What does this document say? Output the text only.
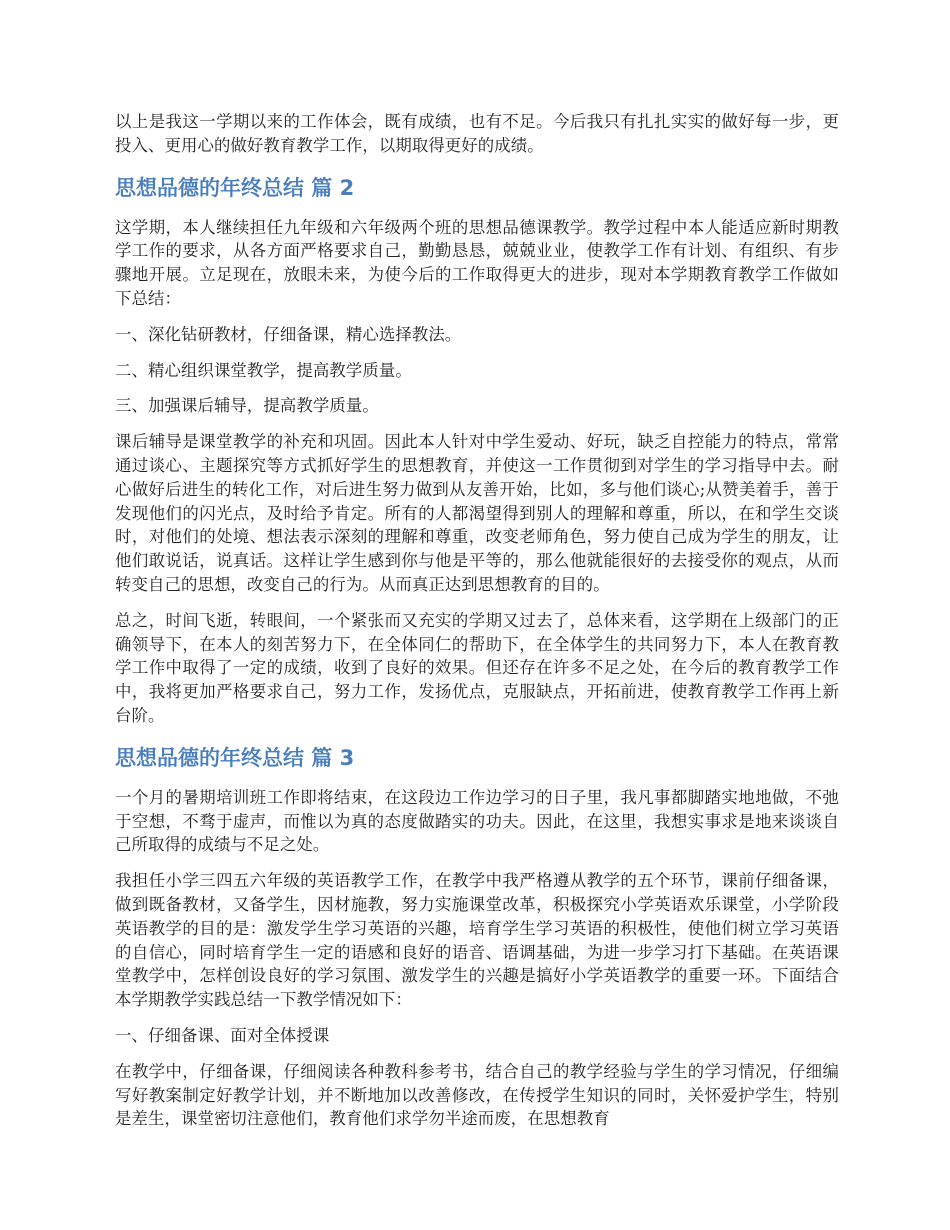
以上是我这一学期以来的工作体会，既有成绩，也有不足。今后我只有扎扎实实的做好每一步，更投入、更用心的做好教育教学工作，以期取得更好的成绩。

思想品德的年终总结 篇 2

这学期，本人继续担任九年级和六年级两个班的思想品德课教学。教学过程中本人能适应新时期教学工作的要求，从各方面严格要求自己，勤勤恳恳，兢兢业业，使教学工作有计划、有组织、有步骤地开展。立足现在，放眼未来，为使今后的工作取得更大的进步，现对本学期教育教学工作做如下总结：

一、深化钻研教材，仔细备课，精心选择教法。

二、精心组织课堂教学，提高教学质量。

三、加强课后辅导，提高教学质量。

课后辅导是课堂教学的补充和巩固。因此本人针对中学生爱动、好玩，缺乏自控能力的特点，常常通过谈心、主题探究等方式抓好学生的思想教育，并使这一工作贯彻到对学生的学习指导中去。耐心做好后进生的转化工作，对后进生努力做到从友善开始，比如，多与他们谈心;从赞美着手，善于发现他们的闪光点，及时给予肯定。所有的人都渴望得到别人的理解和尊重，所以，在和学生交谈时，对他们的处境、想法表示深刻的理解和尊重，改变老师角色，努力使自己成为学生的朋友，让他们敢说话，说真话。这样让学生感到你与他是平等的，那么他就能很好的去接受你的观点，从而转变自己的思想，改变自己的行为。从而真正达到思想教育的目的。

总之，时间飞逝，转眼间，一个紧张而又充实的学期又过去了，总体来看，这学期在上级部门的正确领导下，在本人的刻苦努力下，在全体同仁的帮助下，在全体学生的共同努力下，本人在教育教学工作中取得了一定的成绩，收到了良好的效果。但还存在许多不足之处，在今后的教育教学工作中，我将更加严格要求自己，努力工作，发扬优点，克服缺点，开拓前进，使教育教学工作再上新台阶。

思想品德的年终总结 篇 3

一个月的暑期培训班工作即将结束，在这段边工作边学习的日子里，我凡事都脚踏实地地做，不弛于空想，不骛于虚声，而惟以为真的态度做踏实的功夫。因此，在这里，我想实事求是地来谈谈自己所取得的成绩与不足之处。

我担任小学三四五六年级的英语教学工作，在教学中我严格遵从教学的五个环节，课前仔细备课，做到既备教材，又备学生，因材施教，努力实施课堂改革，积极探究小学英语欢乐课堂，小学阶段英语教学的目的是：激发学生学习英语的兴趣，培育学生学习英语的积极性，使他们树立学习英语的自信心，同时培育学生一定的语感和良好的语音、语调基础，为进一步学习打下基础。在英语课堂教学中，怎样创设良好的学习氛围、激发学生的兴趣是搞好小学英语教学的重要一环。下面结合本学期教学实践总结一下教学情况如下：

一、仔细备课、面对全体授课

在教学中，仔细备课，仔细阅读各种教科参考书，结合自己的教学经验与学生的学习情况，仔细编写好教案制定好教学计划，并不断地加以改善修改，在传授学生知识的同时，关怀爱护学生，特别是差生，课堂密切注意他们，教育他们求学勿半途而废，在思想教育
